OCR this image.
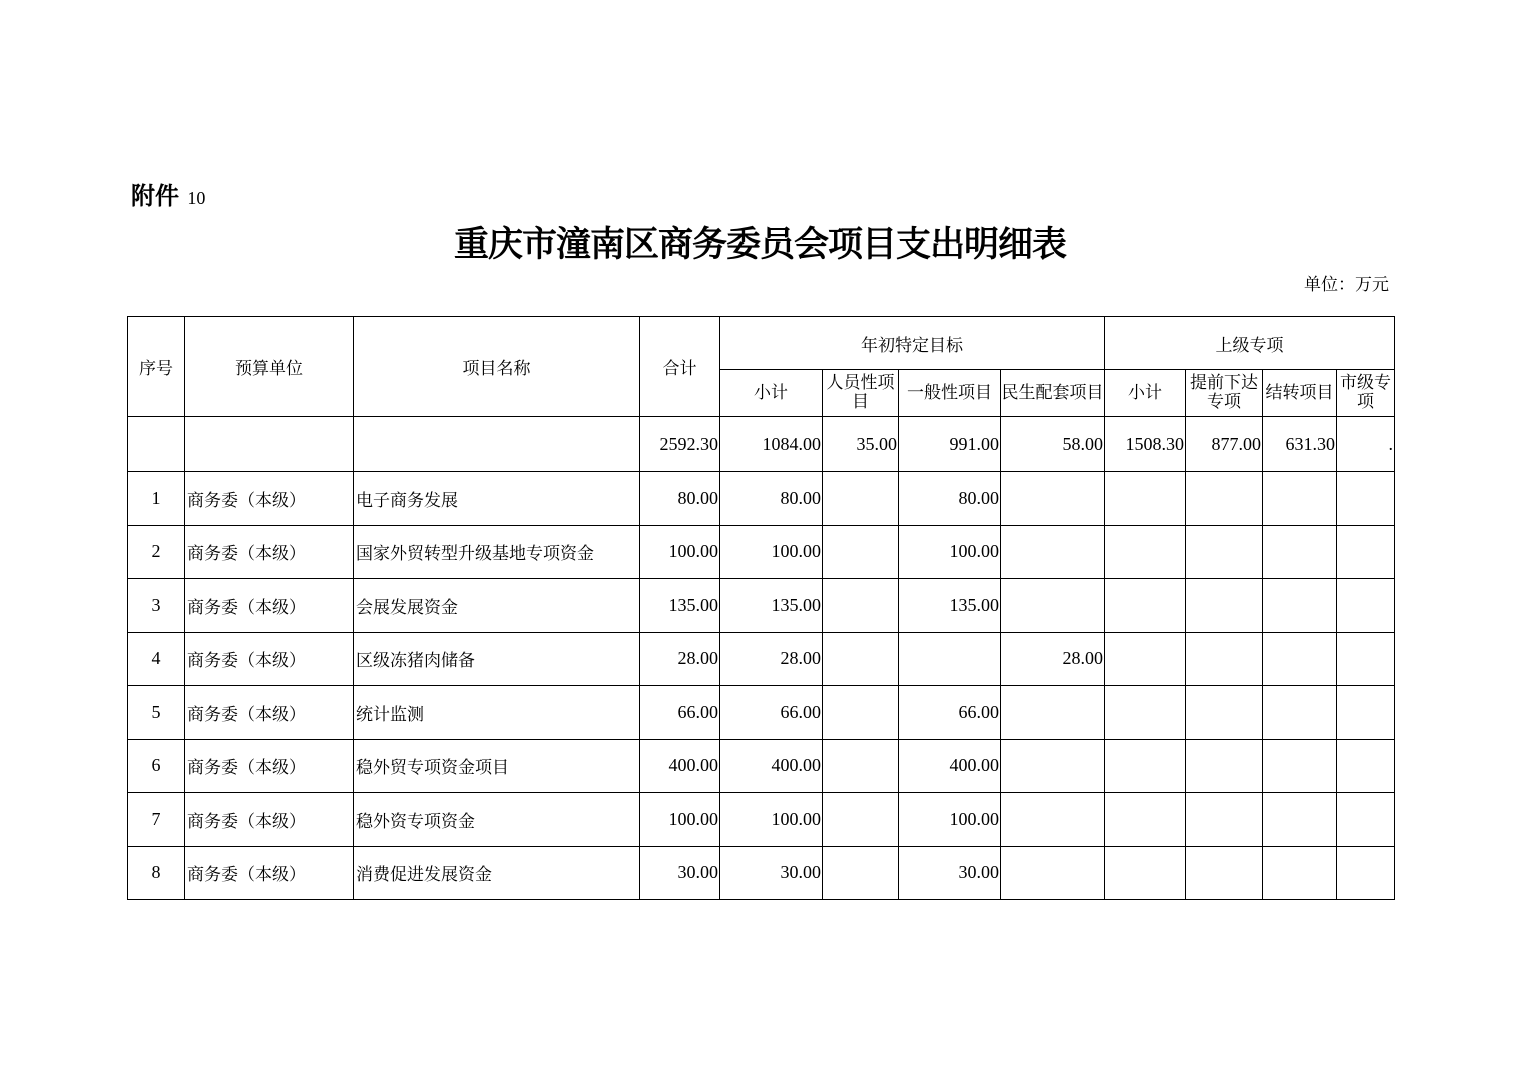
附件 10
重庆市潼南区商务委员会项目支出明细表
单位：万元
序号	预算单位	项目名称	合计	年初特定目标				上级专项			
				小计	人员性项目	一般性项目	民生配套项目	小计	提前下达专项	结转项目	市级专项
			2592.30	1084.00	35.00	991.00	58.00	1508.30	877.00	631.30	.
1	商务委（本级）	电子商务发展	80.00	80.00		80.00					
2	商务委（本级）	国家外贸转型升级基地专项资金	100.00	100.00		100.00					
3	商务委（本级）	会展发展资金	135.00	135.00		135.00					
4	商务委（本级）	区级冻猪肉储备	28.00	28.00			28.00				
5	商务委（本级）	统计监测	66.00	66.00		66.00					
6	商务委（本级）	稳外贸专项资金项目	400.00	400.00		400.00					
7	商务委（本级）	稳外资专项资金	100.00	100.00		100.00					
8	商务委（本级）	消费促进发展资金	30.00	30.00		30.00					
